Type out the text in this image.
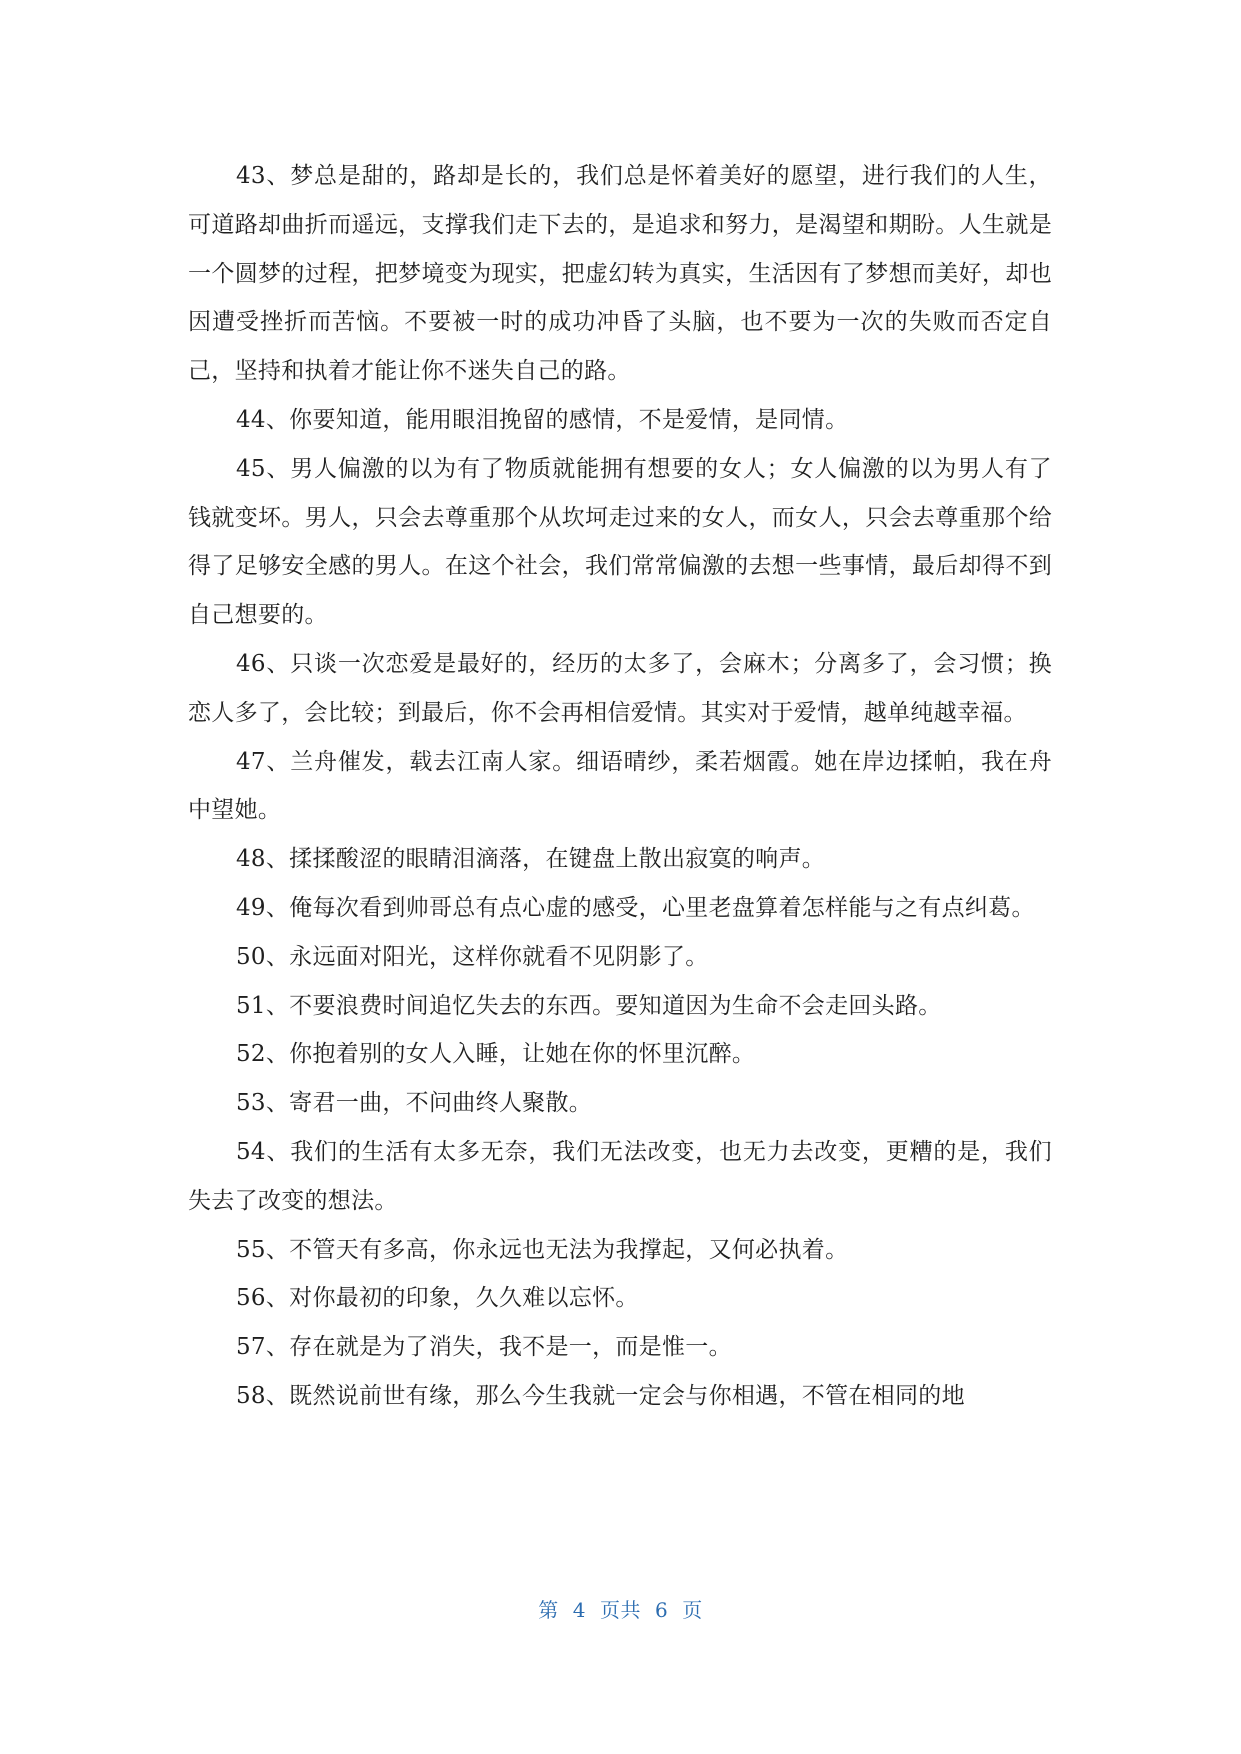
43、梦总是甜的，路却是长的，我们总是怀着美好的愿望，进行我们的人生，可道路却曲折而遥远，支撑我们走下去的，是追求和努力，是渴望和期盼。人生就是一个圆梦的过程，把梦境变为现实，把虚幻转为真实，生活因有了梦想而美好，却也因遭受挫折而苦恼。不要被一时的成功冲昏了头脑，也不要为一次的失败而否定自己，坚持和执着才能让你不迷失自己的路。

44、你要知道，能用眼泪挽留的感情，不是爱情，是同情。

45、男人偏激的以为有了物质就能拥有想要的女人；女人偏激的以为男人有了钱就变坏。男人，只会去尊重那个从坎坷走过来的女人，而女人，只会去尊重那个给得了足够安全感的男人。在这个社会，我们常常偏激的去想一些事情，最后却得不到自己想要的。

46、只谈一次恋爱是最好的，经历的太多了，会麻木；分离多了，会习惯；换恋人多了，会比较；到最后，你不会再相信爱情。其实对于爱情，越单纯越幸福。

47、兰舟催发，载去江南人家。细语晴纱，柔若烟霞。她在岸边揉帕，我在舟中望她。

48、揉揉酸涩的眼睛泪滴落，在键盘上散出寂寞的响声。

49、俺每次看到帅哥总有点心虚的感受，心里老盘算着怎样能与之有点纠葛。

50、永远面对阳光，这样你就看不见阴影了。

51、不要浪费时间追忆失去的东西。要知道因为生命不会走回头路。

52、你抱着别的女人入睡，让她在你的怀里沉醉。

53、寄君一曲，不问曲终人聚散。

54、我们的生活有太多无奈，我们无法改变，也无力去改变，更糟的是，我们失去了改变的想法。

55、不管天有多高，你永远也无法为我撑起，又何必执着。

56、对你最初的印象，久久难以忘怀。

57、存在就是为了消失，我不是一，而是惟一。

58、既然说前世有缘，那么今生我就一定会与你相遇，不管在相同的地

第 4 页共 6 页
